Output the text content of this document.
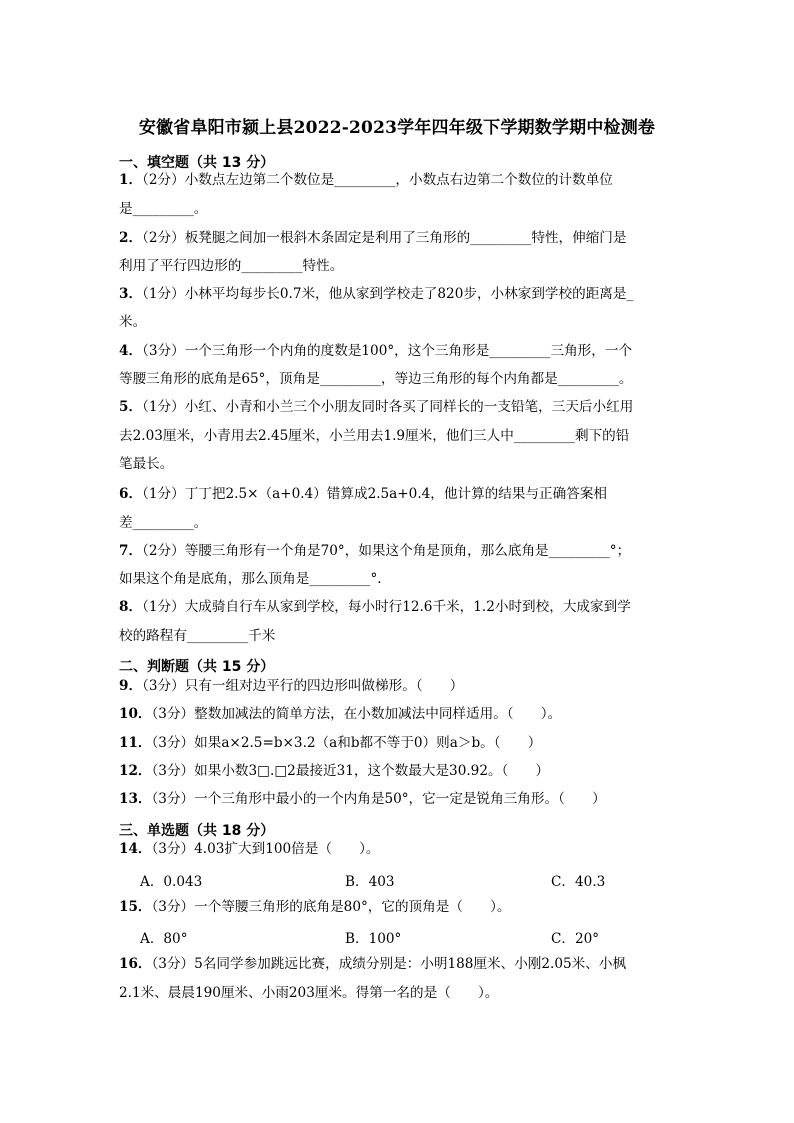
安徽省阜阳市颍上县2022-2023学年四年级下学期数学期中检测卷
一、填空题（共 13 分）
1．（2分）小数点左边第二个数位是_________，小数点右边第二个数位的计数单位
是_________。
2．（2分）板凳腿之间加一根斜木条固定是利用了三角形的_________特性，伸缩门是
利用了平行四边形的_________特性。
3．（1分）小林平均每步长0.7米，他从家到学校走了820步，小林家到学校的距离是_
米。
4．（3分）一个三角形一个内角的度数是100°，这个三角形是_________三角形，一个
等腰三角形的底角是65°，顶角是_________，等边三角形的每个内角都是_________。
5．（1分）小红、小青和小兰三个小朋友同时各买了同样长的一支铅笔，三天后小红用
去2.03厘米，小青用去2.45厘米，小兰用去1.9厘米，他们三人中_________剩下的铅
笔最长。
6．（1分）丁丁把2.5×（a+0.4）错算成2.5a+0.4，他计算的结果与正确答案相
差_________。
7．（2分）等腰三角形有一个角是70°，如果这个角是顶角，那么底角是_________°；
如果这个角是底角，那么顶角是_________°.
8．（1分）大成骑自行车从家到学校，每小时行12.6千米，1.2小时到校，大成家到学
校的路程有_________千米
二、判断题（共 15 分）
9．（3分）只有一组对边平行的四边形叫做梯形。（　　）
10．（3分）整数加减法的简单方法，在小数加减法中同样适用。（　　）。
11．（3分）如果a×2.5=b×3.2（a和b都不等于0）则a＞b。（　　）
12．（3分）如果小数3□.□2最接近31，这个数最大是30.92。（　　）
13．（3分）一个三角形中最小的一个内角是50°，它一定是锐角三角形。（　　）
三、单选题（共 18 分）
14．（3分）4.03扩大到100倍是（　　）。
A．0.043	B．403	C．40.3
15．（3分）一个等腰三角形的底角是80°，它的顶角是（　　）。
A．80°	B．100°	C．20°
16．（3分）5名同学参加跳远比赛，成绩分别是：小明188厘米、小刚2.05米、小枫
2.1米、晨晨190厘米、小雨203厘米。得第一名的是（　　）。
